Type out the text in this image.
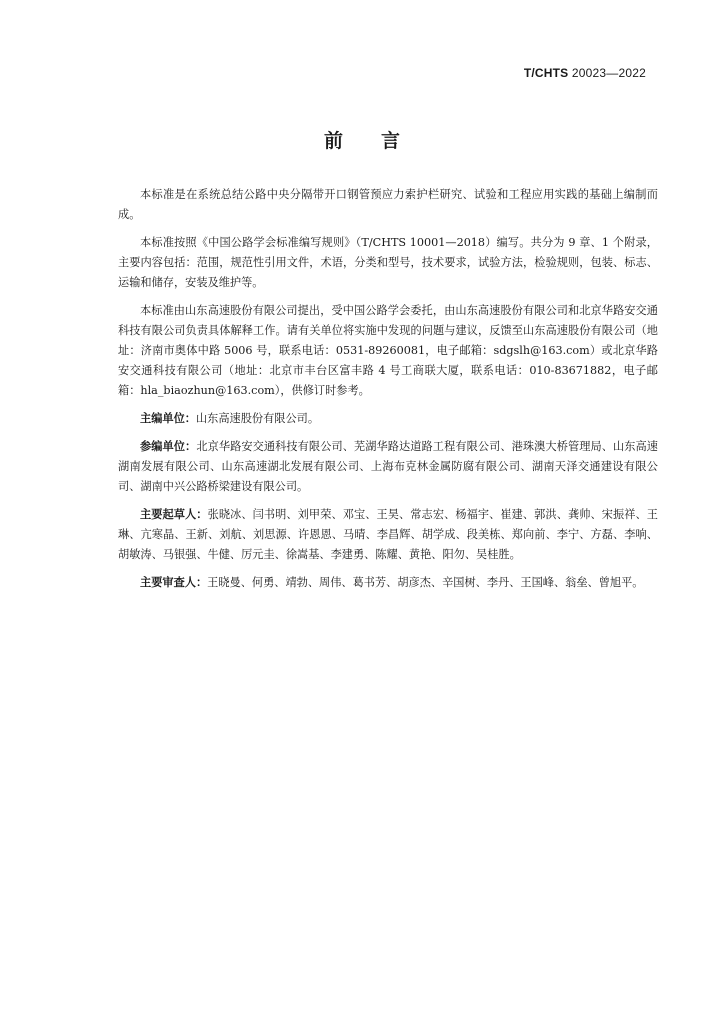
T/CHTS 20023—2022
前言

本标准是在系统总结公路中央分隔带开口钢管预应力索护栏研究、试验和工程应用实践的基础上编制而成。

本标准按照《中国公路学会标准编写规则》（T/CHTS 10001—2018）编写。共分为 9 章、1 个附录，主要内容包括：范围，规范性引用文件，术语，分类和型号，技术要求，试验方法，检验规则，包装、标志、运输和储存，安装及维护等。

本标准由山东高速股份有限公司提出，受中国公路学会委托，由山东高速股份有限公司和北京华路安交通科技有限公司负责具体解释工作。请有关单位将实施中发现的问题与建议，反馈至山东高速股份有限公司（地址：济南市奥体中路 5006 号，联系电话：0531-89260081，电子邮箱：sdgslh@163.com）或北京华路安交通科技有限公司（地址：北京市丰台区富丰路 4 号工商联大厦，联系电话：010-83671882，电子邮箱：hla_biaozhun@163.com），供修订时参考。

主编单位：山东高速股份有限公司。

参编单位：北京华路安交通科技有限公司、芜湖华路达道路工程有限公司、港珠澳大桥管理局、山东高速湖南发展有限公司、山东高速湖北发展有限公司、上海布克林金属防腐有限公司、湖南天泽交通建设有限公司、湖南中兴公路桥梁建设有限公司。

主要起草人：张晓冰、闫书明、刘甲荣、邓宝、王昊、常志宏、杨福宇、崔建、郭洪、龚帅、宋振祥、王琳、亢寒晶、王新、刘航、刘思源、许恩恩、马晴、李昌辉、胡学成、段美栋、郑向前、李宁、方磊、李响、胡敏涛、马银强、牛健、厉元圭、徐嵩基、李建勇、陈耀、黄艳、阳勿、吴桂胜。

主要审查人：王晓曼、何勇、靖勃、周伟、葛书芳、胡彦杰、辛国树、李丹、王国峰、翁垒、曾旭平。
